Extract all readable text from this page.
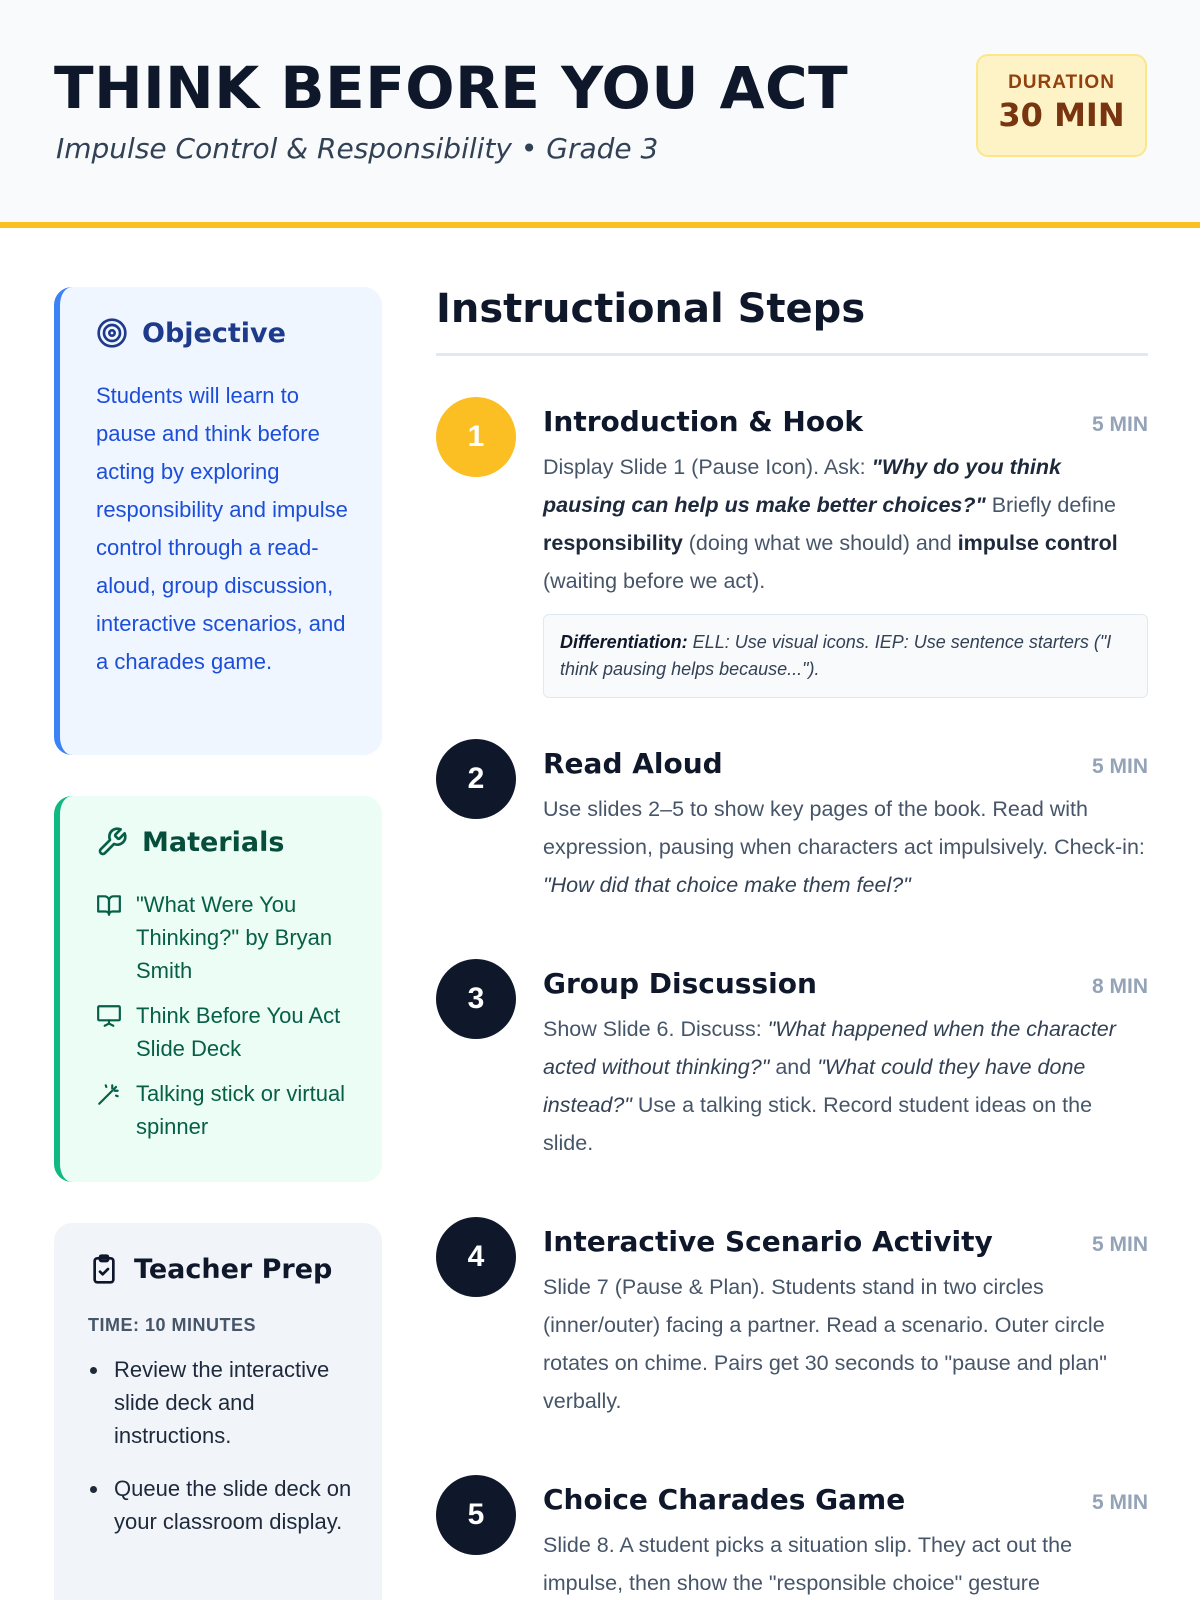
THINK BEFORE YOU ACT
Impulse Control & Responsibility • Grade 3
DURATION
30 MIN
Objective
Students will learn to pause and think before acting by exploring responsibility and impulse control through a read-aloud, group discussion, interactive scenarios, and a charades game.
Materials
"What Were You Thinking?" by Bryan Smith
Think Before You Act Slide Deck
Talking stick or virtual spinner
Teacher Prep
TIME: 10 MINUTES
Review the interactive slide deck and instructions.
Queue the slide deck on your classroom display.
Instructional Steps
1	Introduction & Hook	5 MIN
Display Slide 1 (Pause Icon). Ask: "Why do you think pausing can help us make better choices?" Briefly define responsibility (doing what we should) and impulse control (waiting before we act).
Differentiation: ELL: Use visual icons. IEP: Use sentence starters ("I think pausing helps because...").
2	Read Aloud	5 MIN
Use slides 2–5 to show key pages of the book. Read with expression, pausing when characters act impulsively. Check-in: "How did that choice make them feel?"
3	Group Discussion	8 MIN
Show Slide 6. Discuss: "What happened when the character acted without thinking?" and "What could they have done instead?" Use a talking stick. Record student ideas on the slide.
4	Interactive Scenario Activity	5 MIN
Slide 7 (Pause & Plan). Students stand in two circles (inner/outer) facing a partner. Read a scenario. Outer circle rotates on chime. Pairs get 30 seconds to "pause and plan" verbally.
5	Choice Charades Game	5 MIN
Slide 8. A student picks a situation slip. They act out the impulse, then show the "responsible choice" gesture
